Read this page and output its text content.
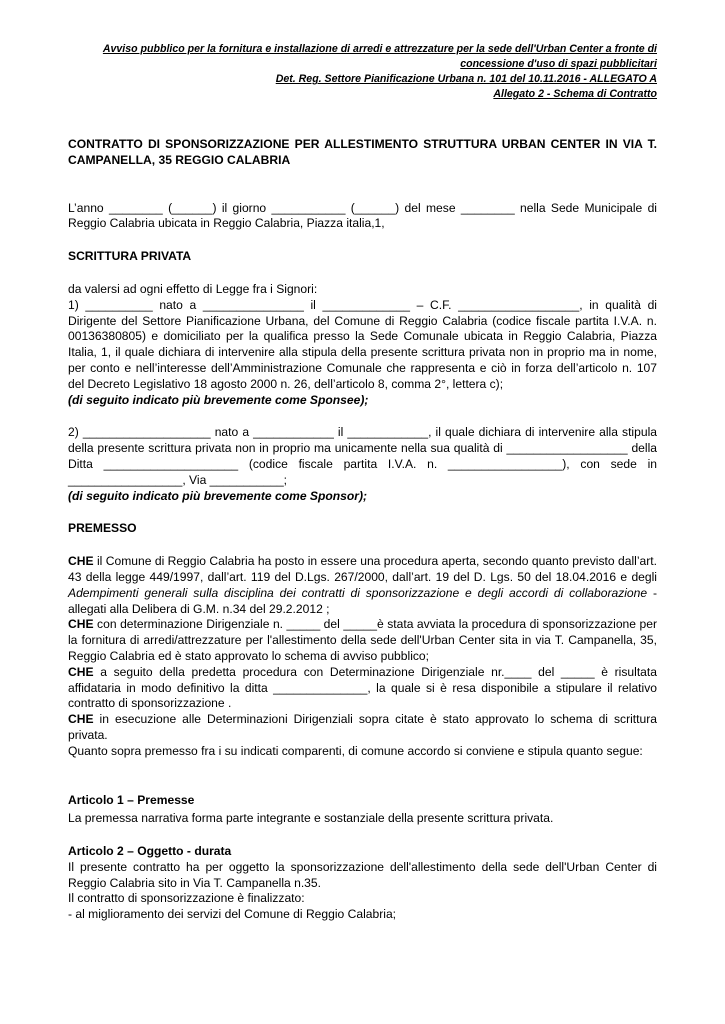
Avviso pubblico per la fornitura e installazione di arredi e attrezzature per la sede dell'Urban Center a fronte di
concessione d'uso di spazi pubblicitari
Det. Reg. Settore Pianificazione Urbana n. 101 del 10.11.2016 - ALLEGATO A
Allegato 2 - Schema di Contratto

CONTRATTO DI SPONSORIZZAZIONE PER ALLESTIMENTO STRUTTURA URBAN CENTER IN VIA T. CAMPANELLA, 35 REGGIO CALABRIA

L’anno ________ (______) il giorno ___________ (______) del mese ________ nella Sede Municipale di Reggio Calabria ubicata in Reggio Calabria, Piazza italia,1,

SCRITTURA PRIVATA

da valersi ad ogni effetto di Legge fra i Signori:

1) __________ nato a _______________ il _____________ – C.F. __________________, in qualità di Dirigente del Settore Pianificazione Urbana, del Comune di Reggio Calabria (codice fiscale partita I.V.A. n. 00136380805) e domiciliato per la qualifica presso la Sede Comunale ubicata in Reggio Calabria, Piazza Italia, 1, il quale dichiara di intervenire alla stipula della presente scrittura privata non in proprio ma in nome, per conto e nell’interesse dell’Amministrazione Comunale che rappresenta e ciò in forza dell’articolo n. 107 del Decreto Legislativo 18 agosto 2000 n. 26, dell’articolo 8, comma 2°, lettera c);

(di seguito indicato più brevemente come Sponsee);

2) ___________________ nato a ____________ il ____________, il quale dichiara di intervenire alla stipula della presente scrittura privata non in proprio ma unicamente nella sua qualità di __________________ della Ditta ____________________ (codice fiscale partita I.V.A. n. _________________), con sede in _________________, Via ___________;

(di seguito indicato più brevemente come Sponsor);

PREMESSO

CHE il Comune di Reggio Calabria ha posto in essere una procedura aperta, secondo quanto previsto dall’art. 43 della legge 449/1997, dall’art. 119 del D.Lgs. 267/2000, dall’art. 19 del D. Lgs. 50 del 18.04.2016 e degli Adempimenti generali sulla disciplina dei contratti di sponsorizzazione e degli accordi di collaborazione - allegati alla Delibera di G.M. n.34 del 29.2.2012 ;

CHE con determinazione Dirigenziale n. _____ del _____è stata avviata la procedura di sponsorizzazione per la fornitura di arredi/attrezzature per l'allestimento della sede dell'Urban Center sita in via T. Campanella, 35, Reggio Calabria ed è stato approvato lo schema di avviso pubblico;

CHE a seguito della predetta procedura con Determinazione Dirigenziale nr.____ del _____ è risultata affidataria in modo definitivo la ditta ______________, la quale si è resa disponibile a stipulare il relativo contratto di sponsorizzazione .

CHE in esecuzione alle Determinazioni Dirigenziali sopra citate è stato approvato lo schema di scrittura privata.

Quanto sopra premesso fra i su indicati comparenti, di comune accordo si conviene e stipula quanto segue:

Articolo 1 – Premesse

La premessa narrativa forma parte integrante e sostanziale della presente scrittura privata.

Articolo 2 – Oggetto - durata

Il presente contratto ha per oggetto la sponsorizzazione dell'allestimento della sede dell'Urban Center di Reggio Calabria sito in Via T. Campanella n.35.

Il contratto di sponsorizzazione è finalizzato:

- al miglioramento dei servizi del Comune di Reggio Calabria;
